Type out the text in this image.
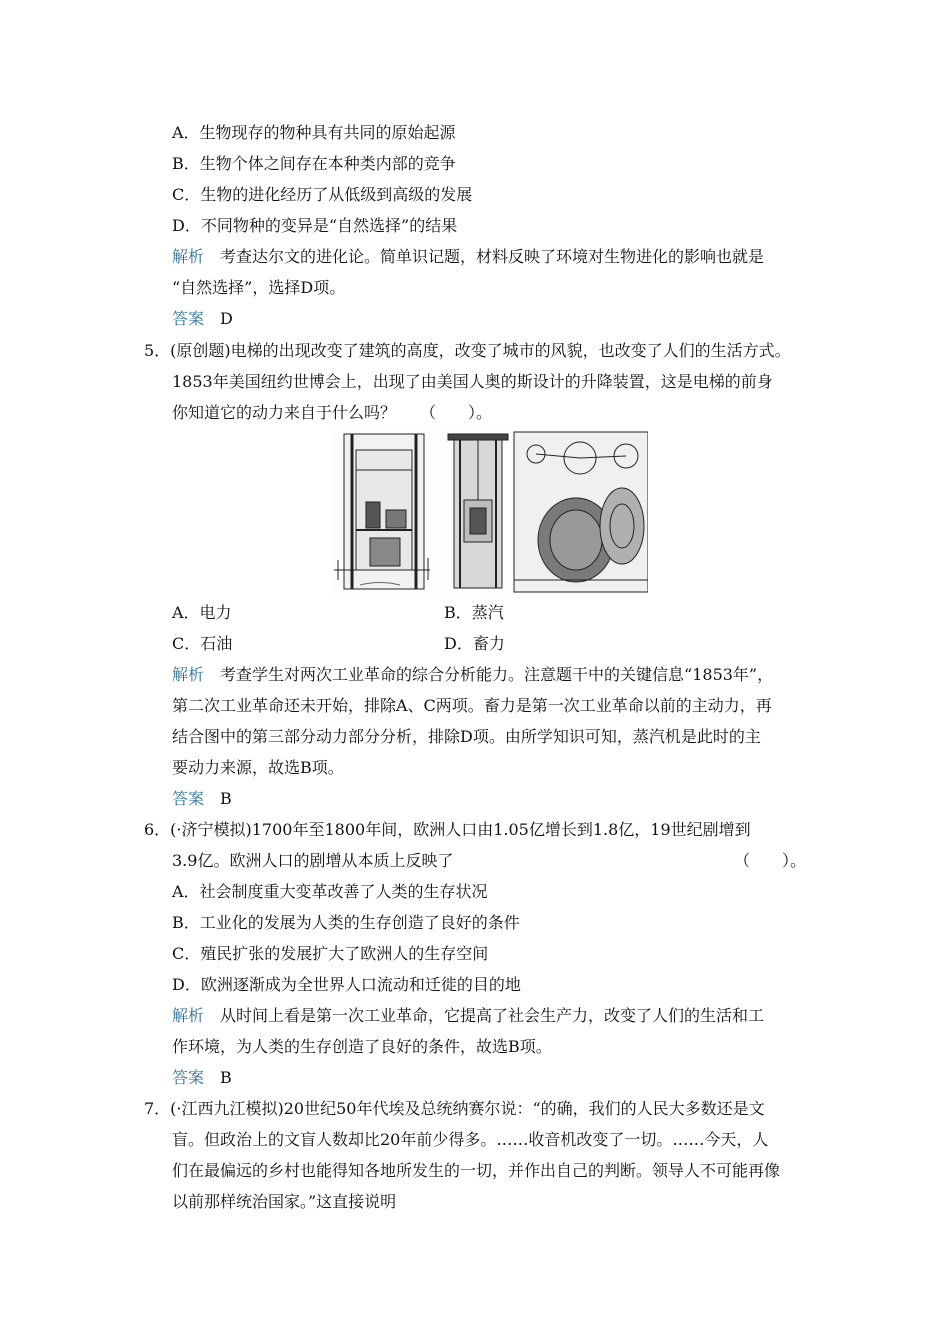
A．生物现存的物种具有共同的原始起源
B．生物个体之间存在本种类内部的竞争
C．生物的进化经历了从低级到高级的发展
D．不同物种的变异是“自然选择”的结果
解析　 考查达尔文的进化论。简单识记题，材料反映了环境对生物进化的影响也就是
“自然选择”，选择D项。
答案　 D
5．(原创题)电梯的出现改变了建筑的高度，改变了城市的风貌，也改变了人们的生活方式。
1853年美国纽约世博会上，出现了由美国人奥的斯设计的升降装置，这是电梯的前身
你知道它的动力来自于什么吗？　　（　　）。
A．电力	B．蒸汽
C．石油	D．畜力
解析　 考查学生对两次工业革命的综合分析能力。注意题干中的关键信息“1853年”，
第二次工业革命还未开始，排除A、C两项。畜力是第一次工业革命以前的主动力，再
结合图中的第三部分动力部分分析，排除D项。由所学知识可知，蒸汽机是此时的主
要动力来源，故选B项。
答案　 B
6．(·济宁模拟)1700年至1800年间，欧洲人口由1.05亿增长到1.8亿，19世纪剧增到
3.9亿。欧洲人口的剧增从本质上反映了	（　　）。
A．社会制度重大变革改善了人类的生存状况
B．工业化的发展为人类的生存创造了良好的条件
C．殖民扩张的发展扩大了欧洲人的生存空间
D．欧洲逐渐成为全世界人口流动和迁徙的目的地
解析　 从时间上看是第一次工业革命，它提高了社会生产力，改变了人们的生活和工
作环境，为人类的生存创造了良好的条件，故选B项。
答案　 B
7．(·江西九江模拟)20世纪50年代埃及总统纳赛尔说：“的确，我们的人民大多数还是文
盲。但政治上的文盲人数却比20年前少得多。……收音机改变了一切。……今天，人
们在最偏远的乡村也能得知各地所发生的一切，并作出自己的判断。领导人不可能再像
以前那样统治国家。”这直接说明
